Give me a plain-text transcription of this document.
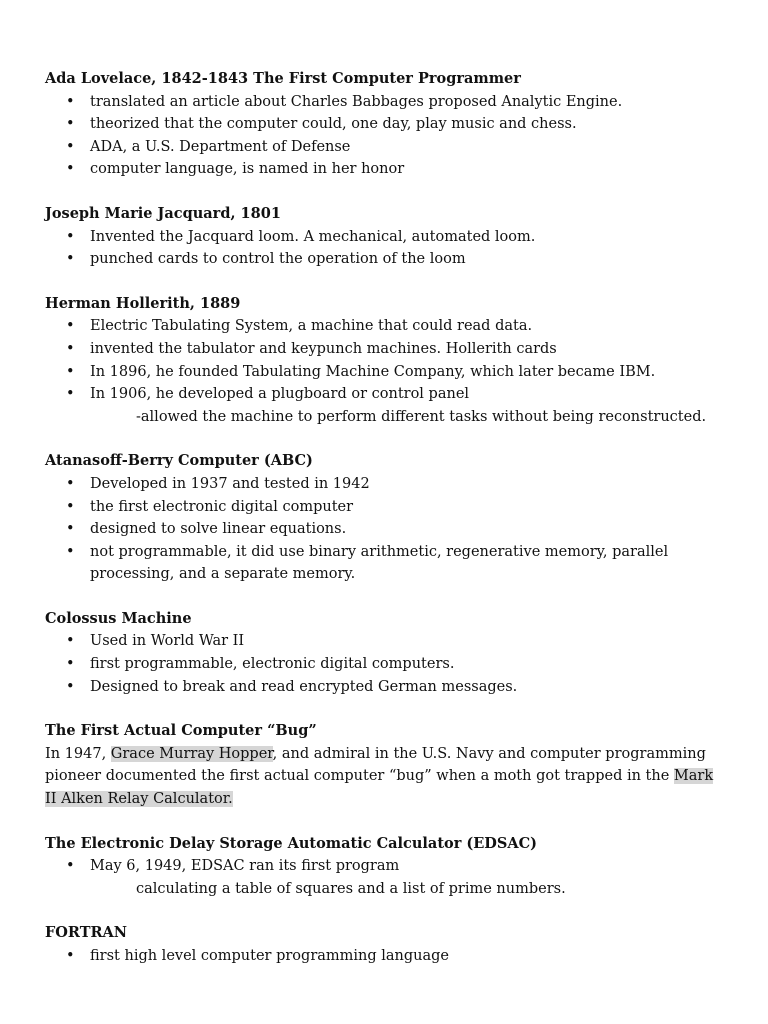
Ada Lovelace, 1842-1843 The First Computer Programmer

• translated an article about Charles Babbages proposed Analytic Engine.
• theorized that the computer could, one day, play music and chess.
• ADA, a U.S. Department of Defense
• computer language, is named in her honor

Joseph Marie Jacquard, 1801

• Invented the Jacquard loom. A mechanical, automated loom.
• punched cards to control the operation of the loom

Herman Hollerith, 1889

• Electric Tabulating System, a machine that could read data.
• invented the tabulator and keypunch machines. Hollerith cards
• In 1896, he founded Tabulating Machine Company, which later became IBM.
• In 1906, he developed a plugboard or control panel

-allowed the machine to perform different tasks without being reconstructed.

Atanasoff-Berry Computer (ABC)

• Developed in 1937 and tested in 1942
• the first electronic digital computer
• designed to solve linear equations.
• not programmable, it did use binary arithmetic, regenerative memory, parallel processing, and a separate memory.

Colossus Machine

• Used in World War II
• first programmable, electronic digital computers.
• Designed to break and read encrypted German messages.

The First Actual Computer “Bug”

In 1947, Grace Murray Hopper, and admiral in the U.S. Navy and computer programming pioneer documented the first actual computer “bug” when a moth got trapped in the Mark II Alken Relay Calculator.

The Electronic Delay Storage Automatic Calculator (EDSAC)

• May 6, 1949, EDSAC ran its first program

calculating a table of squares and a list of prime numbers.

FORTRAN

• first high level computer programming language
